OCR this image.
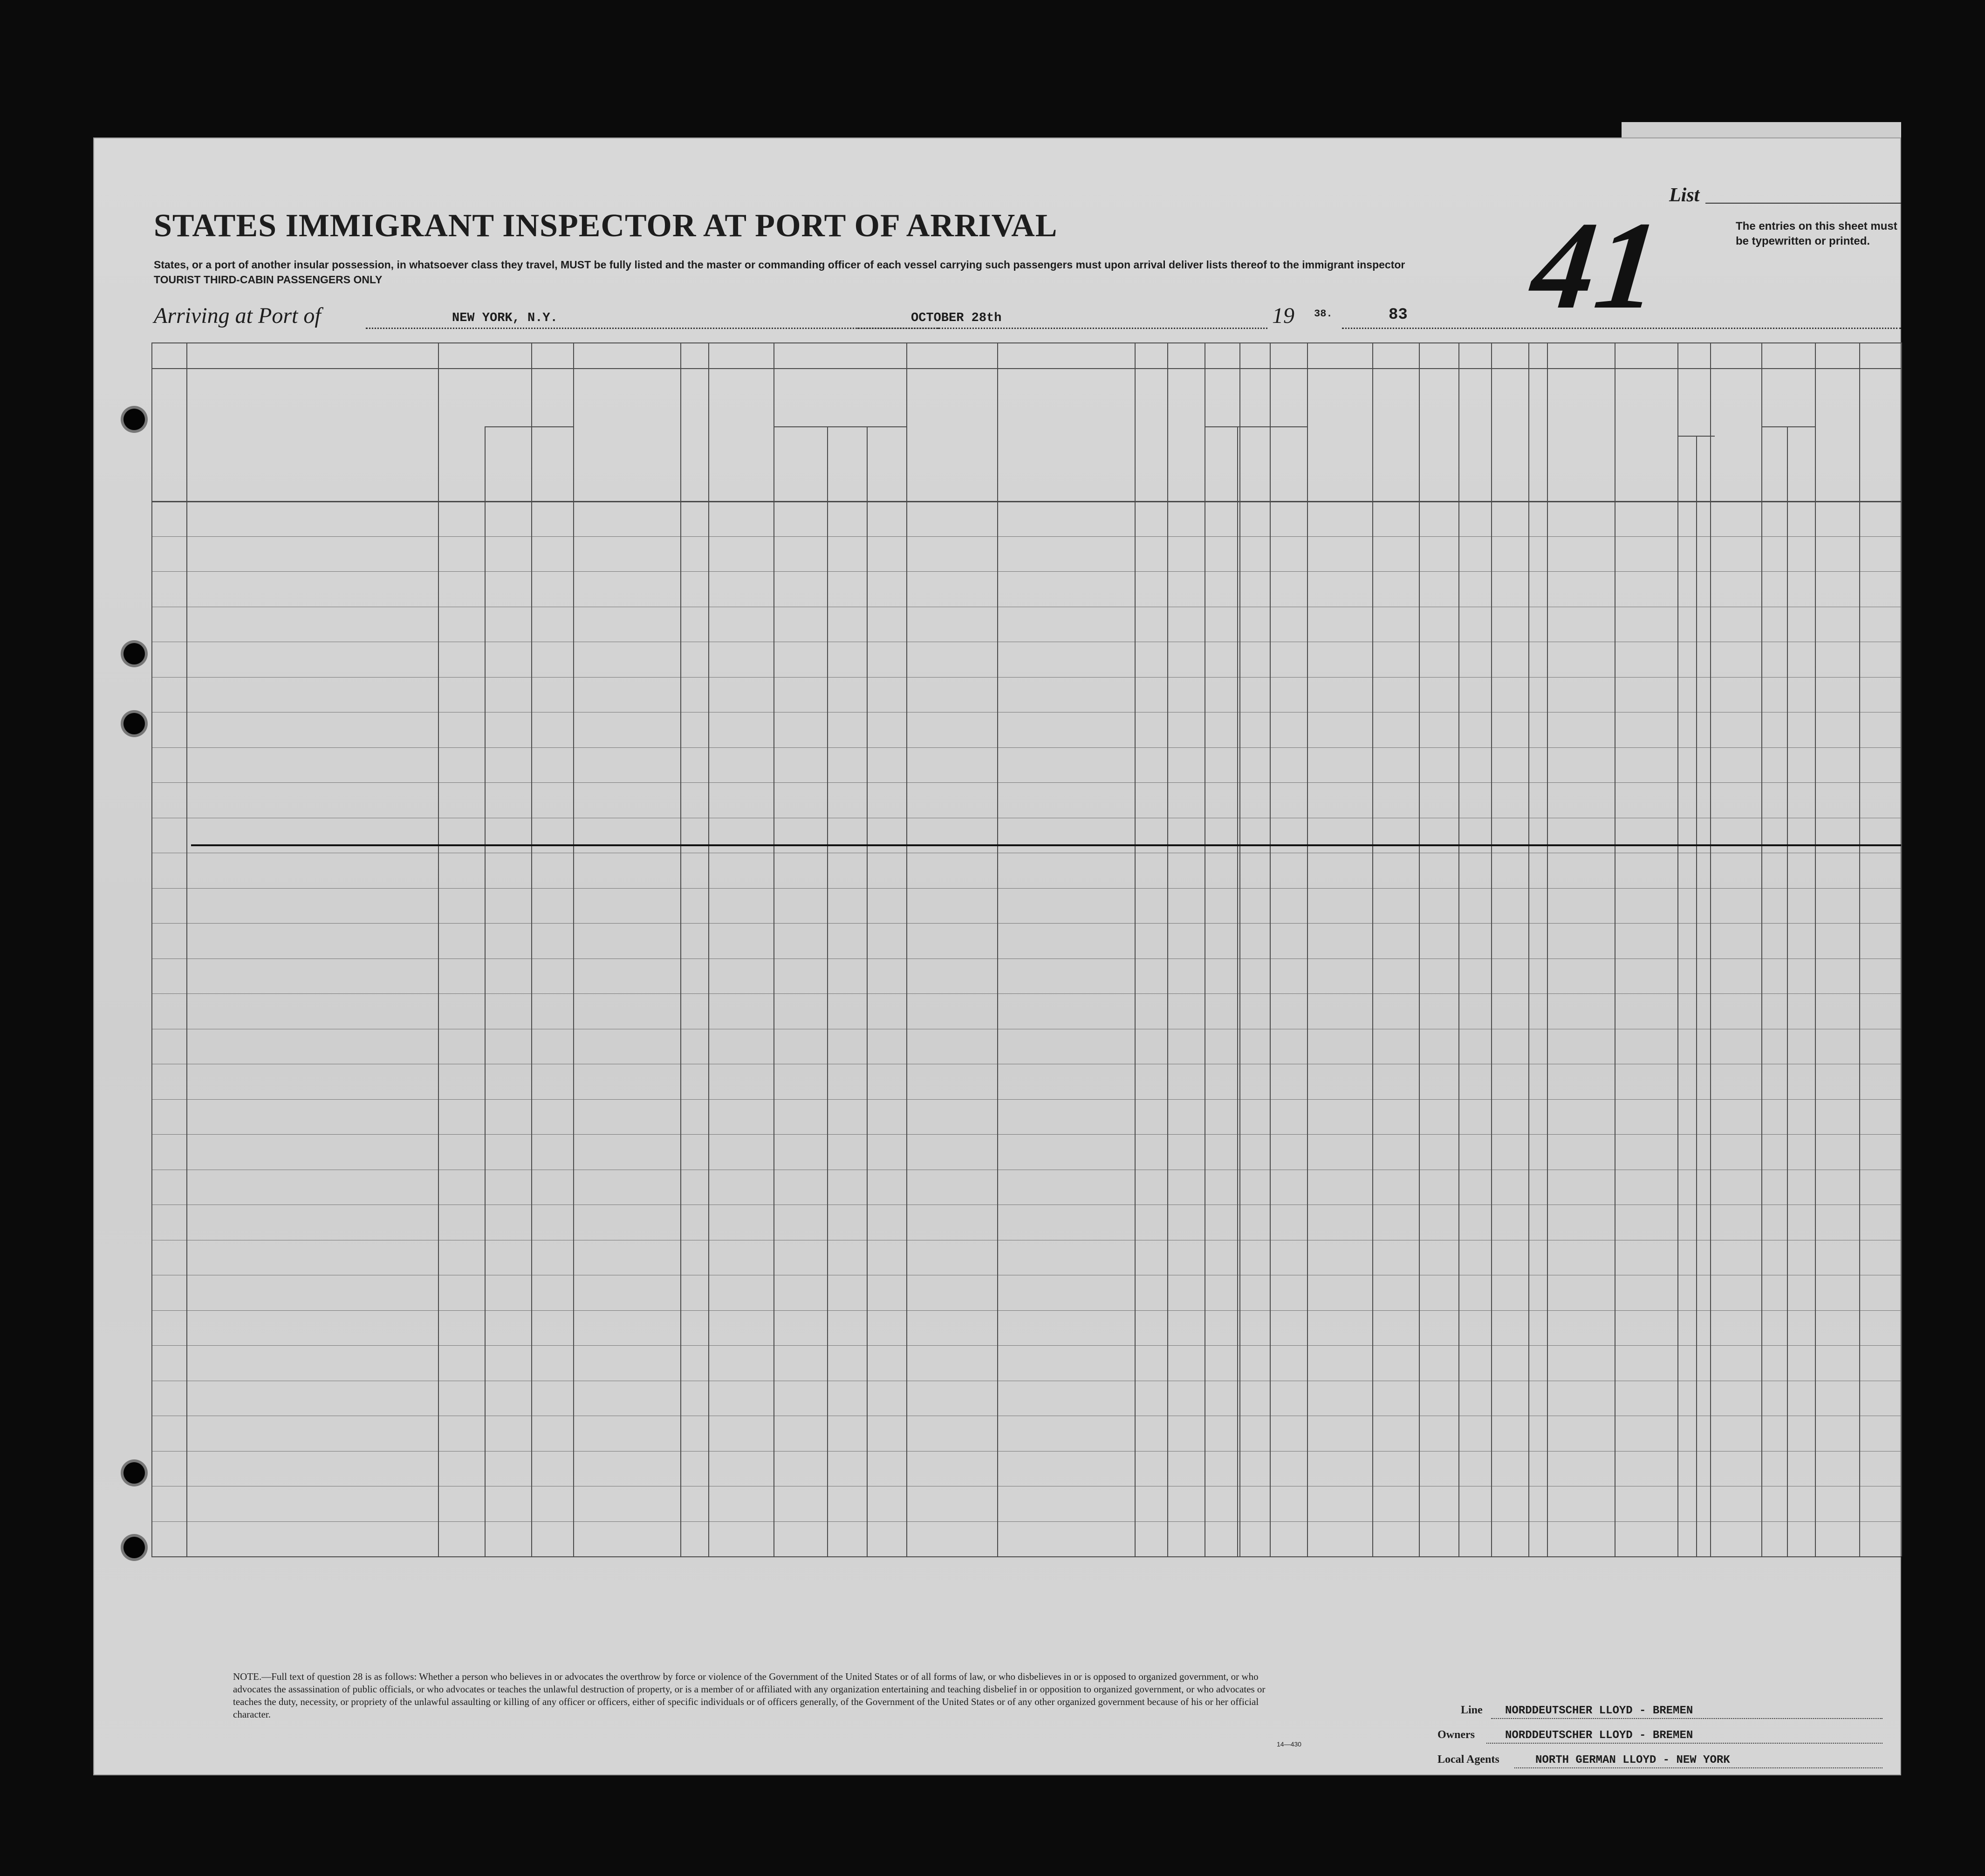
STATES IMMIGRANT INSPECTOR AT PORT OF ARRIVAL
States, or a port of another insular possession, in whatsoever class they travel, MUST be fully listed and the master or commanding officer of each vessel carrying such passengers must upon arrival deliver lists thereof to the immigrant inspector
TOURIST THIRD-CABIN PASSENGERS ONLY
List
The entries on this sheet must be typewritten or printed.
41
Arriving at Port of	NEW YORK, N.Y.	OCTOBER 28th	19 38.	83
NOTE.—Full text of question 28 is as follows: Whether a person who believes in or advocates the overthrow by force or violence of the Government of the United States or of all forms of law, or who disbelieves in or is opposed to organized government, or who advocates the assassination of public officials, or who advocates or teaches the unlawful destruction of property, or is a member of or affiliated with any organization entertaining and teaching disbelief in or opposition to organized government, or who advocates or teaches the duty, necessity, or propriety of the unlawful assaulting or killing of any officer or officers, either of specific individuals or of officers generally, of the Government of the United States or of any other organized government because of his or her official character.
14—430
Line NORDDEUTSCHER LLOYD - BREMEN
Owners	NORDDEUTSCHER LLOYD - BREMEN
Local Agents	NORTH GERMAN LLOYD - NEW YORK
